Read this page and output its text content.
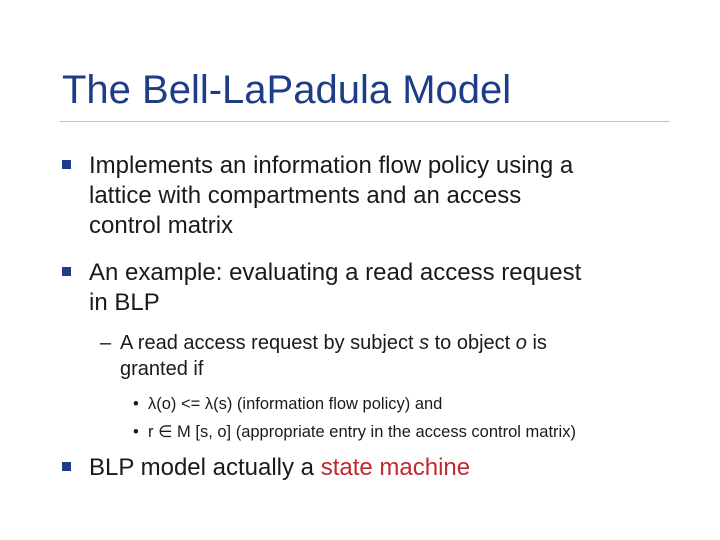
The Bell-LaPadula Model
Implements an information flow policy using a
lattice with compartments and an access
control matrix
An example: evaluating a read access request
in BLP
– A read access request by subject s to object o is
granted if
• λ(o) <= λ(s) (information flow policy) and
• r ∈ M [s, o] (appropriate entry in the access control matrix)
BLP model actually a state machine
